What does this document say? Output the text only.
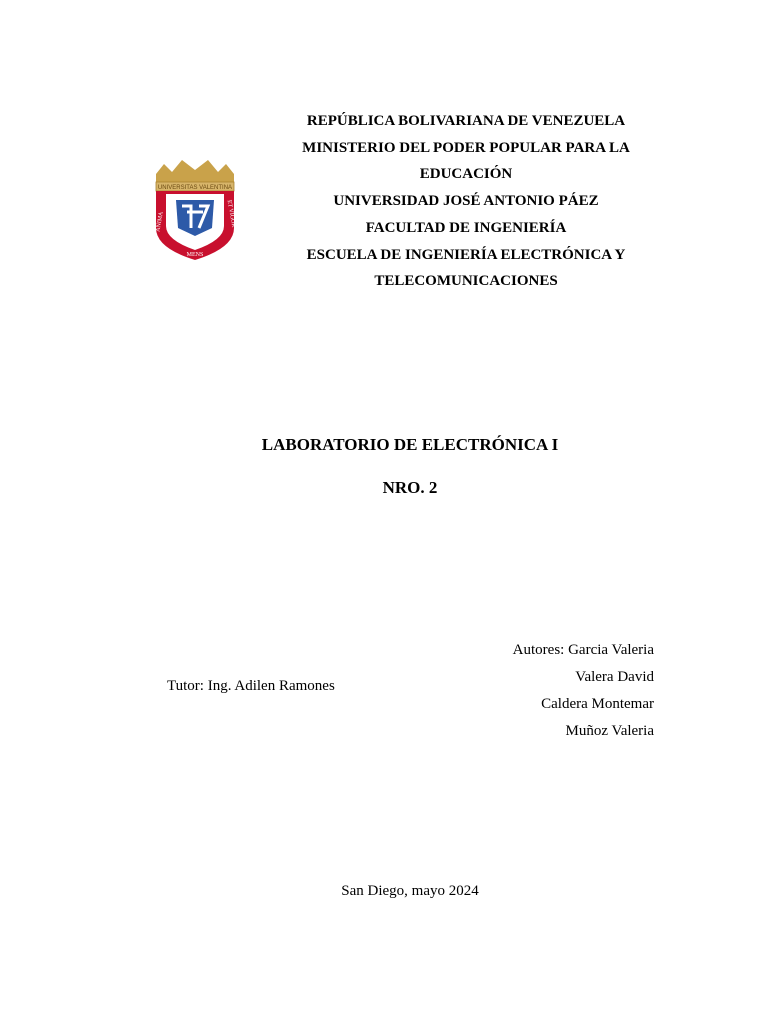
UNIVERSITAS VALENTINA
ANIMA	ET VIGOR
MENS
REPÚBLICA BOLIVARIANA DE VENEZUELA
MINISTERIO DEL PODER POPULAR PARA LA
EDUCACIÓN
UNIVERSIDAD JOSÉ ANTONIO PÁEZ
FACULTAD DE INGENIERÍA
ESCUELA DE INGENIERÍA ELECTRÓNICA Y
TELECOMUNICACIONES
LABORATORIO DE ELECTRÓNICA I
NRO. 2
Autores: Garcia Valeria
Valera David
Caldera Montemar
Muñoz Valeria
Tutor: Ing. Adilen Ramones
San Diego, mayo 2024
